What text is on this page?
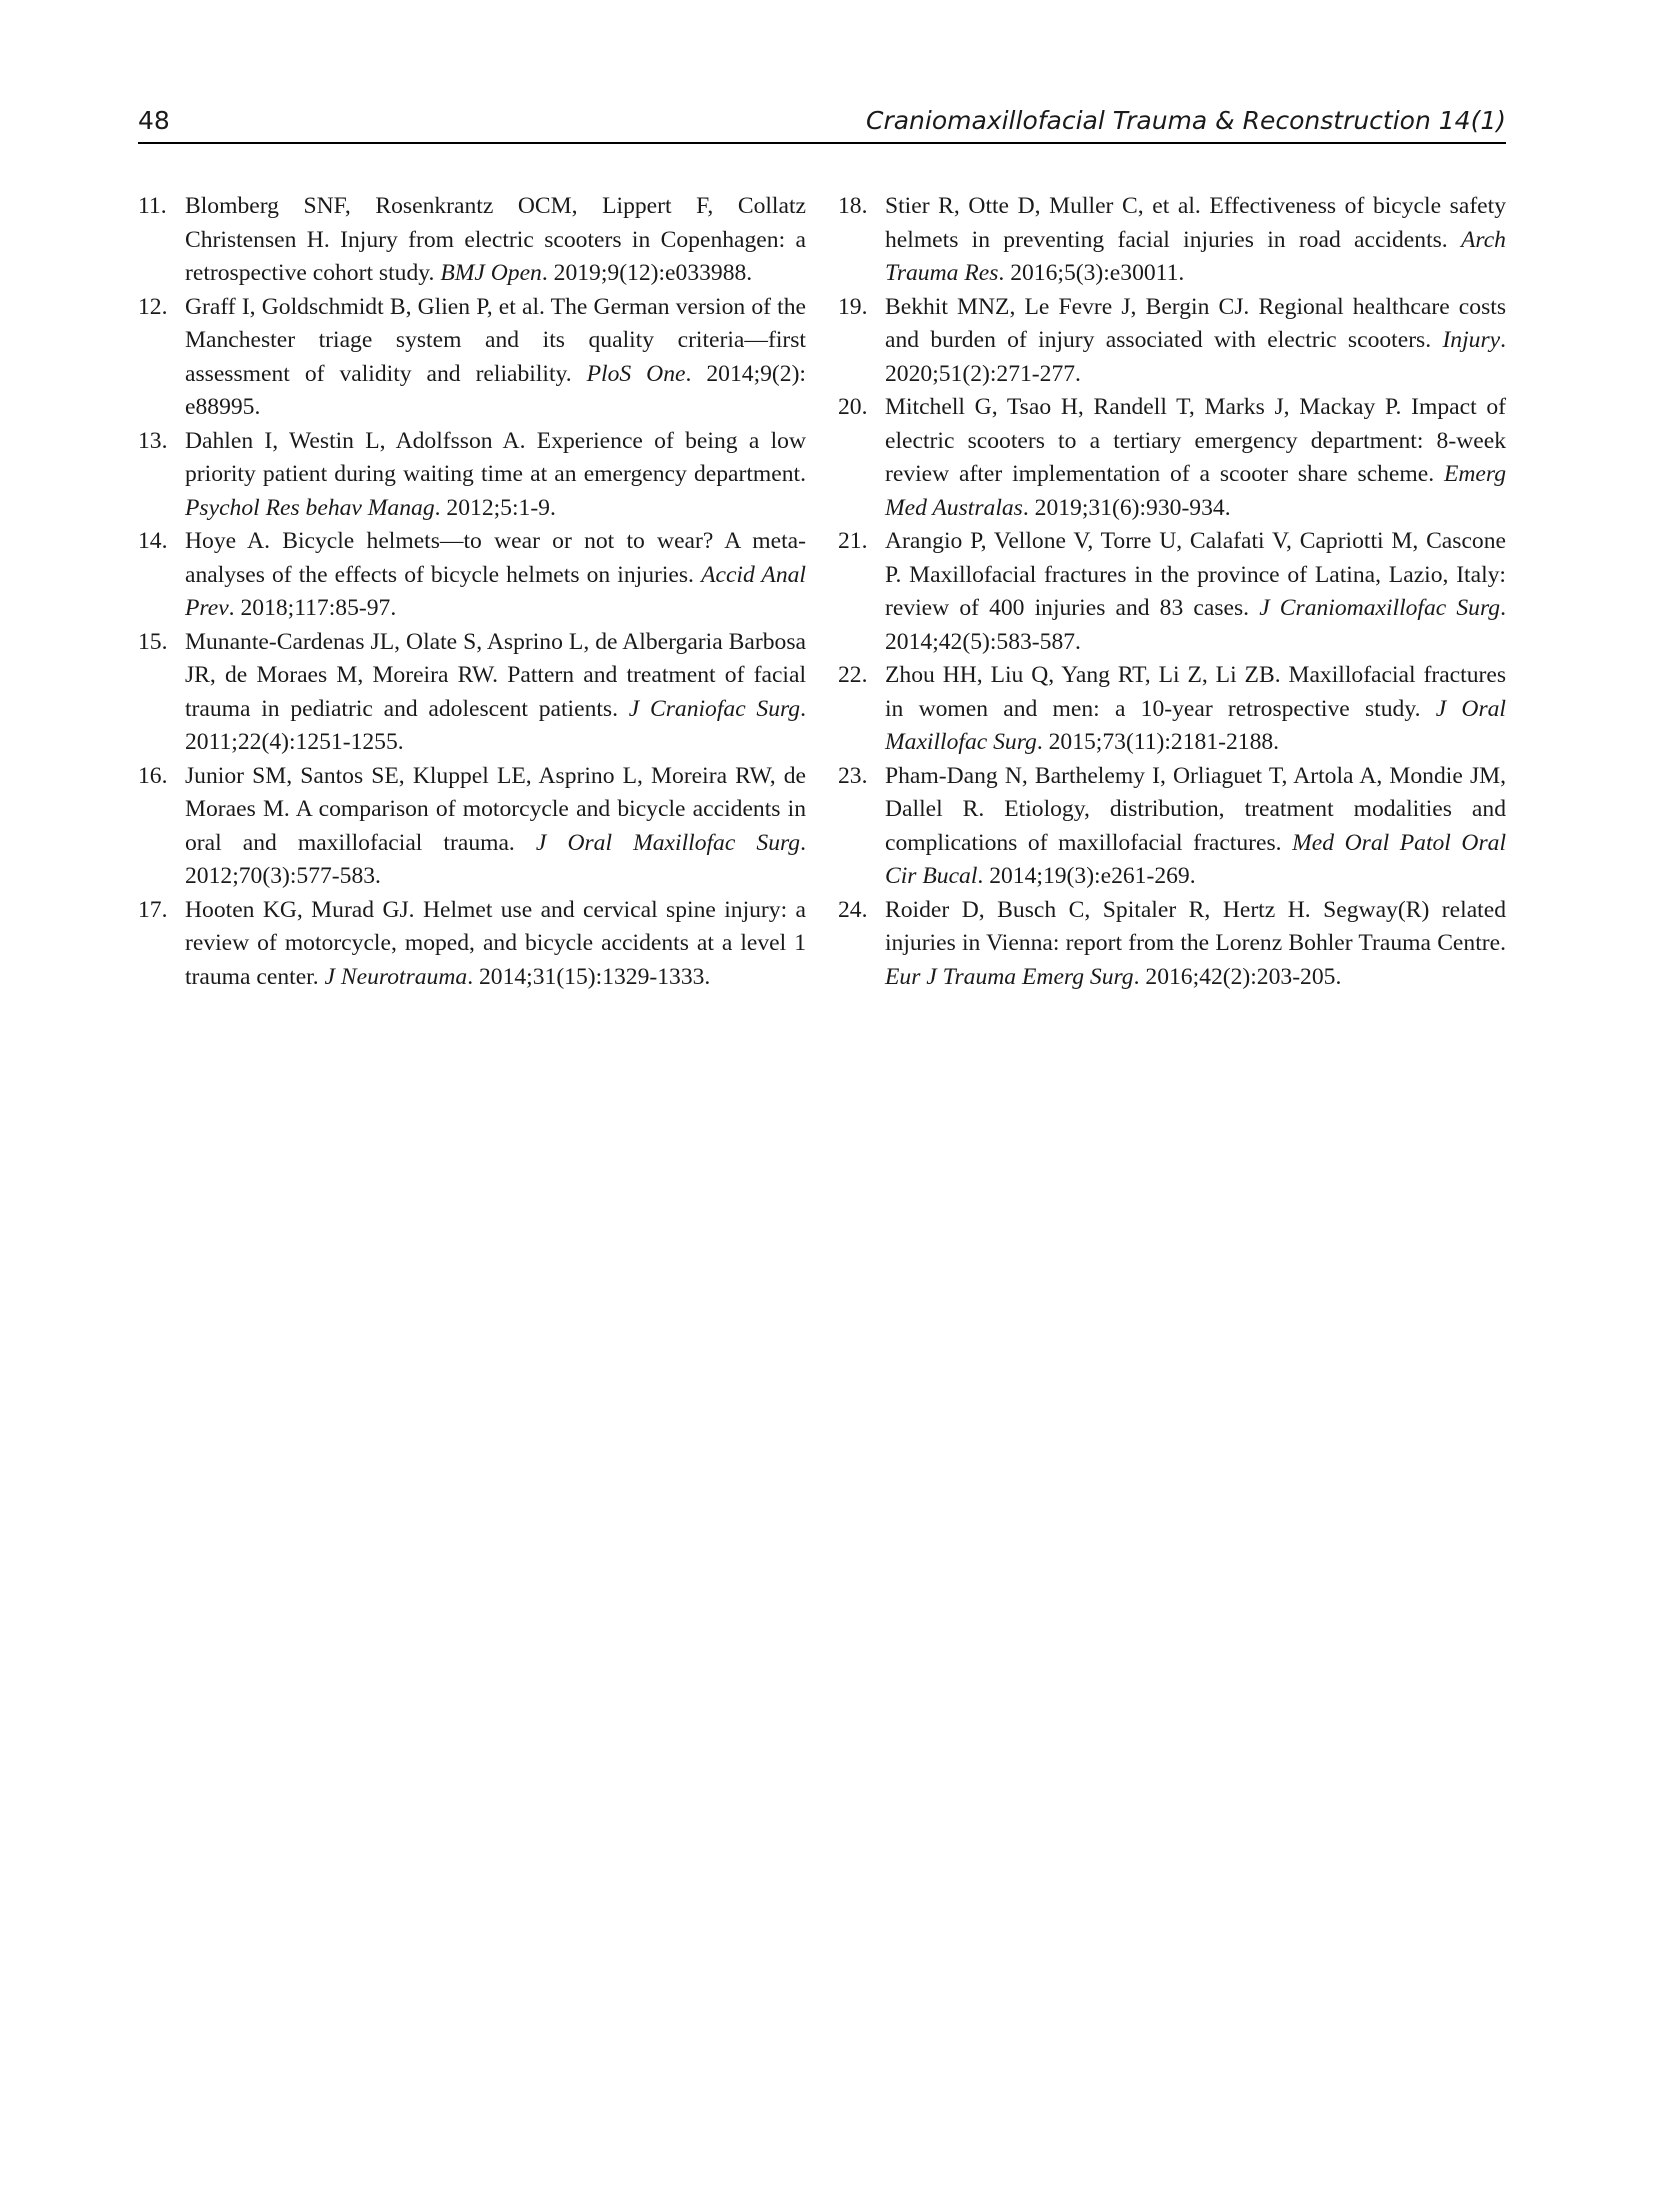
48	Craniomaxillofacial Trauma & Reconstruction 14(1)
11. Blomberg SNF, Rosenkrantz OCM, Lippert F, Collatz Christensen H. Injury from electric scooters in Copenhagen: a retrospective cohort study. BMJ Open. 2019;9(12):e033988.
12. Graff I, Goldschmidt B, Glien P, et al. The German version of the Manchester triage system and its quality criteria—first assessment of validity and reliability. PloS One. 2014;9(2): e88995.
13. Dahlen I, Westin L, Adolfsson A. Experience of being a low priority patient during waiting time at an emergency department. Psychol Res behav Manag. 2012;5:1-9.
14. Hoye A. Bicycle helmets—to wear or not to wear? A meta-analyses of the effects of bicycle helmets on injuries. Accid Anal Prev. 2018;117:85-97.
15. Munante-Cardenas JL, Olate S, Asprino L, de Albergaria Barbosa JR, de Moraes M, Moreira RW. Pattern and treatment of facial trauma in pediatric and adolescent patients. J Craniofac Surg. 2011;22(4):1251-1255.
16. Junior SM, Santos SE, Kluppel LE, Asprino L, Moreira RW, de Moraes M. A comparison of motorcycle and bicycle accidents in oral and maxillofacial trauma. J Oral Maxillofac Surg. 2012;70(3):577-583.
17. Hooten KG, Murad GJ. Helmet use and cervical spine injury: a review of motorcycle, moped, and bicycle accidents at a level 1 trauma center. J Neurotrauma. 2014;31(15):1329-1333.
18. Stier R, Otte D, Muller C, et al. Effectiveness of bicycle safety helmets in preventing facial injuries in road accidents. Arch Trauma Res. 2016;5(3):e30011.
19. Bekhit MNZ, Le Fevre J, Bergin CJ. Regional healthcare costs and burden of injury associated with electric scooters. Injury. 2020;51(2):271-277.
20. Mitchell G, Tsao H, Randell T, Marks J, Mackay P. Impact of electric scooters to a tertiary emergency department: 8-week review after implementation of a scooter share scheme. Emerg Med Australas. 2019;31(6):930-934.
21. Arangio P, Vellone V, Torre U, Calafati V, Capriotti M, Cascone P. Maxillofacial fractures in the province of Latina, Lazio, Italy: review of 400 injuries and 83 cases. J Craniomaxillofac Surg. 2014;42(5):583-587.
22. Zhou HH, Liu Q, Yang RT, Li Z, Li ZB. Maxillofacial fractures in women and men: a 10-year retrospective study. J Oral Maxillofac Surg. 2015;73(11):2181-2188.
23. Pham-Dang N, Barthelemy I, Orliaguet T, Artola A, Mondie JM, Dallel R. Etiology, distribution, treatment modalities and complications of maxillofacial fractures. Med Oral Patol Oral Cir Bucal. 2014;19(3):e261-269.
24. Roider D, Busch C, Spitaler R, Hertz H. Segway(R) related injuries in Vienna: report from the Lorenz Bohler Trauma Centre. Eur J Trauma Emerg Surg. 2016;42(2):203-205.
